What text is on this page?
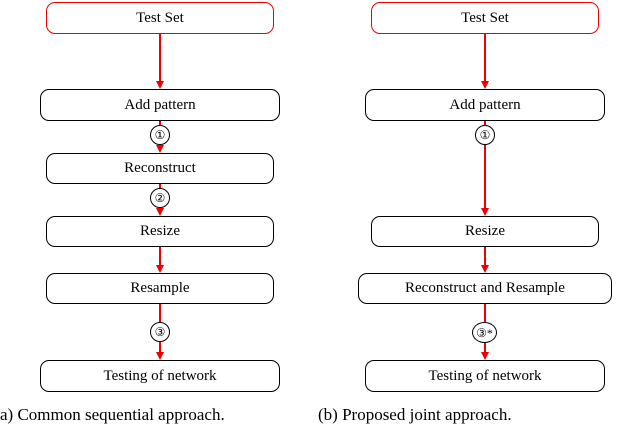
Test Set
Add pattern
①
Reconstruct
②
Resize
Resample
③
Testing of network
a) Common sequential approach.
Test Set
Add pattern
①
Resize
Reconstruct and Resample
③*
Testing of network
(b) Proposed joint approach.
